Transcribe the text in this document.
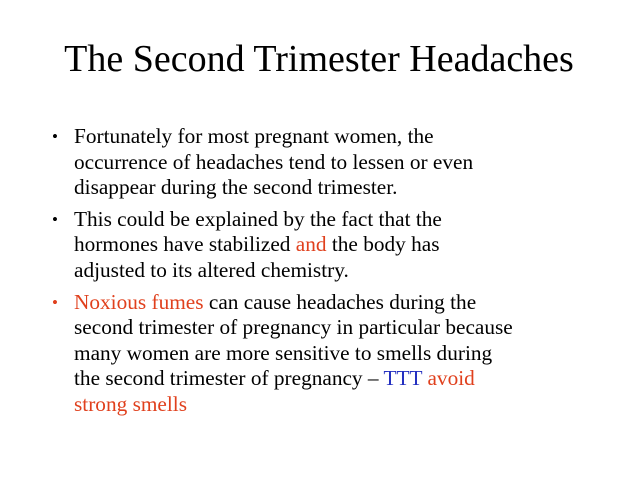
The Second Trimester Headaches
• Fortunately for most pregnant women, the
occurrence of headaches tend to lessen or even
disappear during the second trimester.
• This could be explained by the fact that the
hormones have stabilized and the body has
adjusted to its altered chemistry.
• Noxious fumes can cause headaches during the
second trimester of pregnancy in particular because
many women are more sensitive to smells during
the second trimester of pregnancy – TTT avoid
strong smells
